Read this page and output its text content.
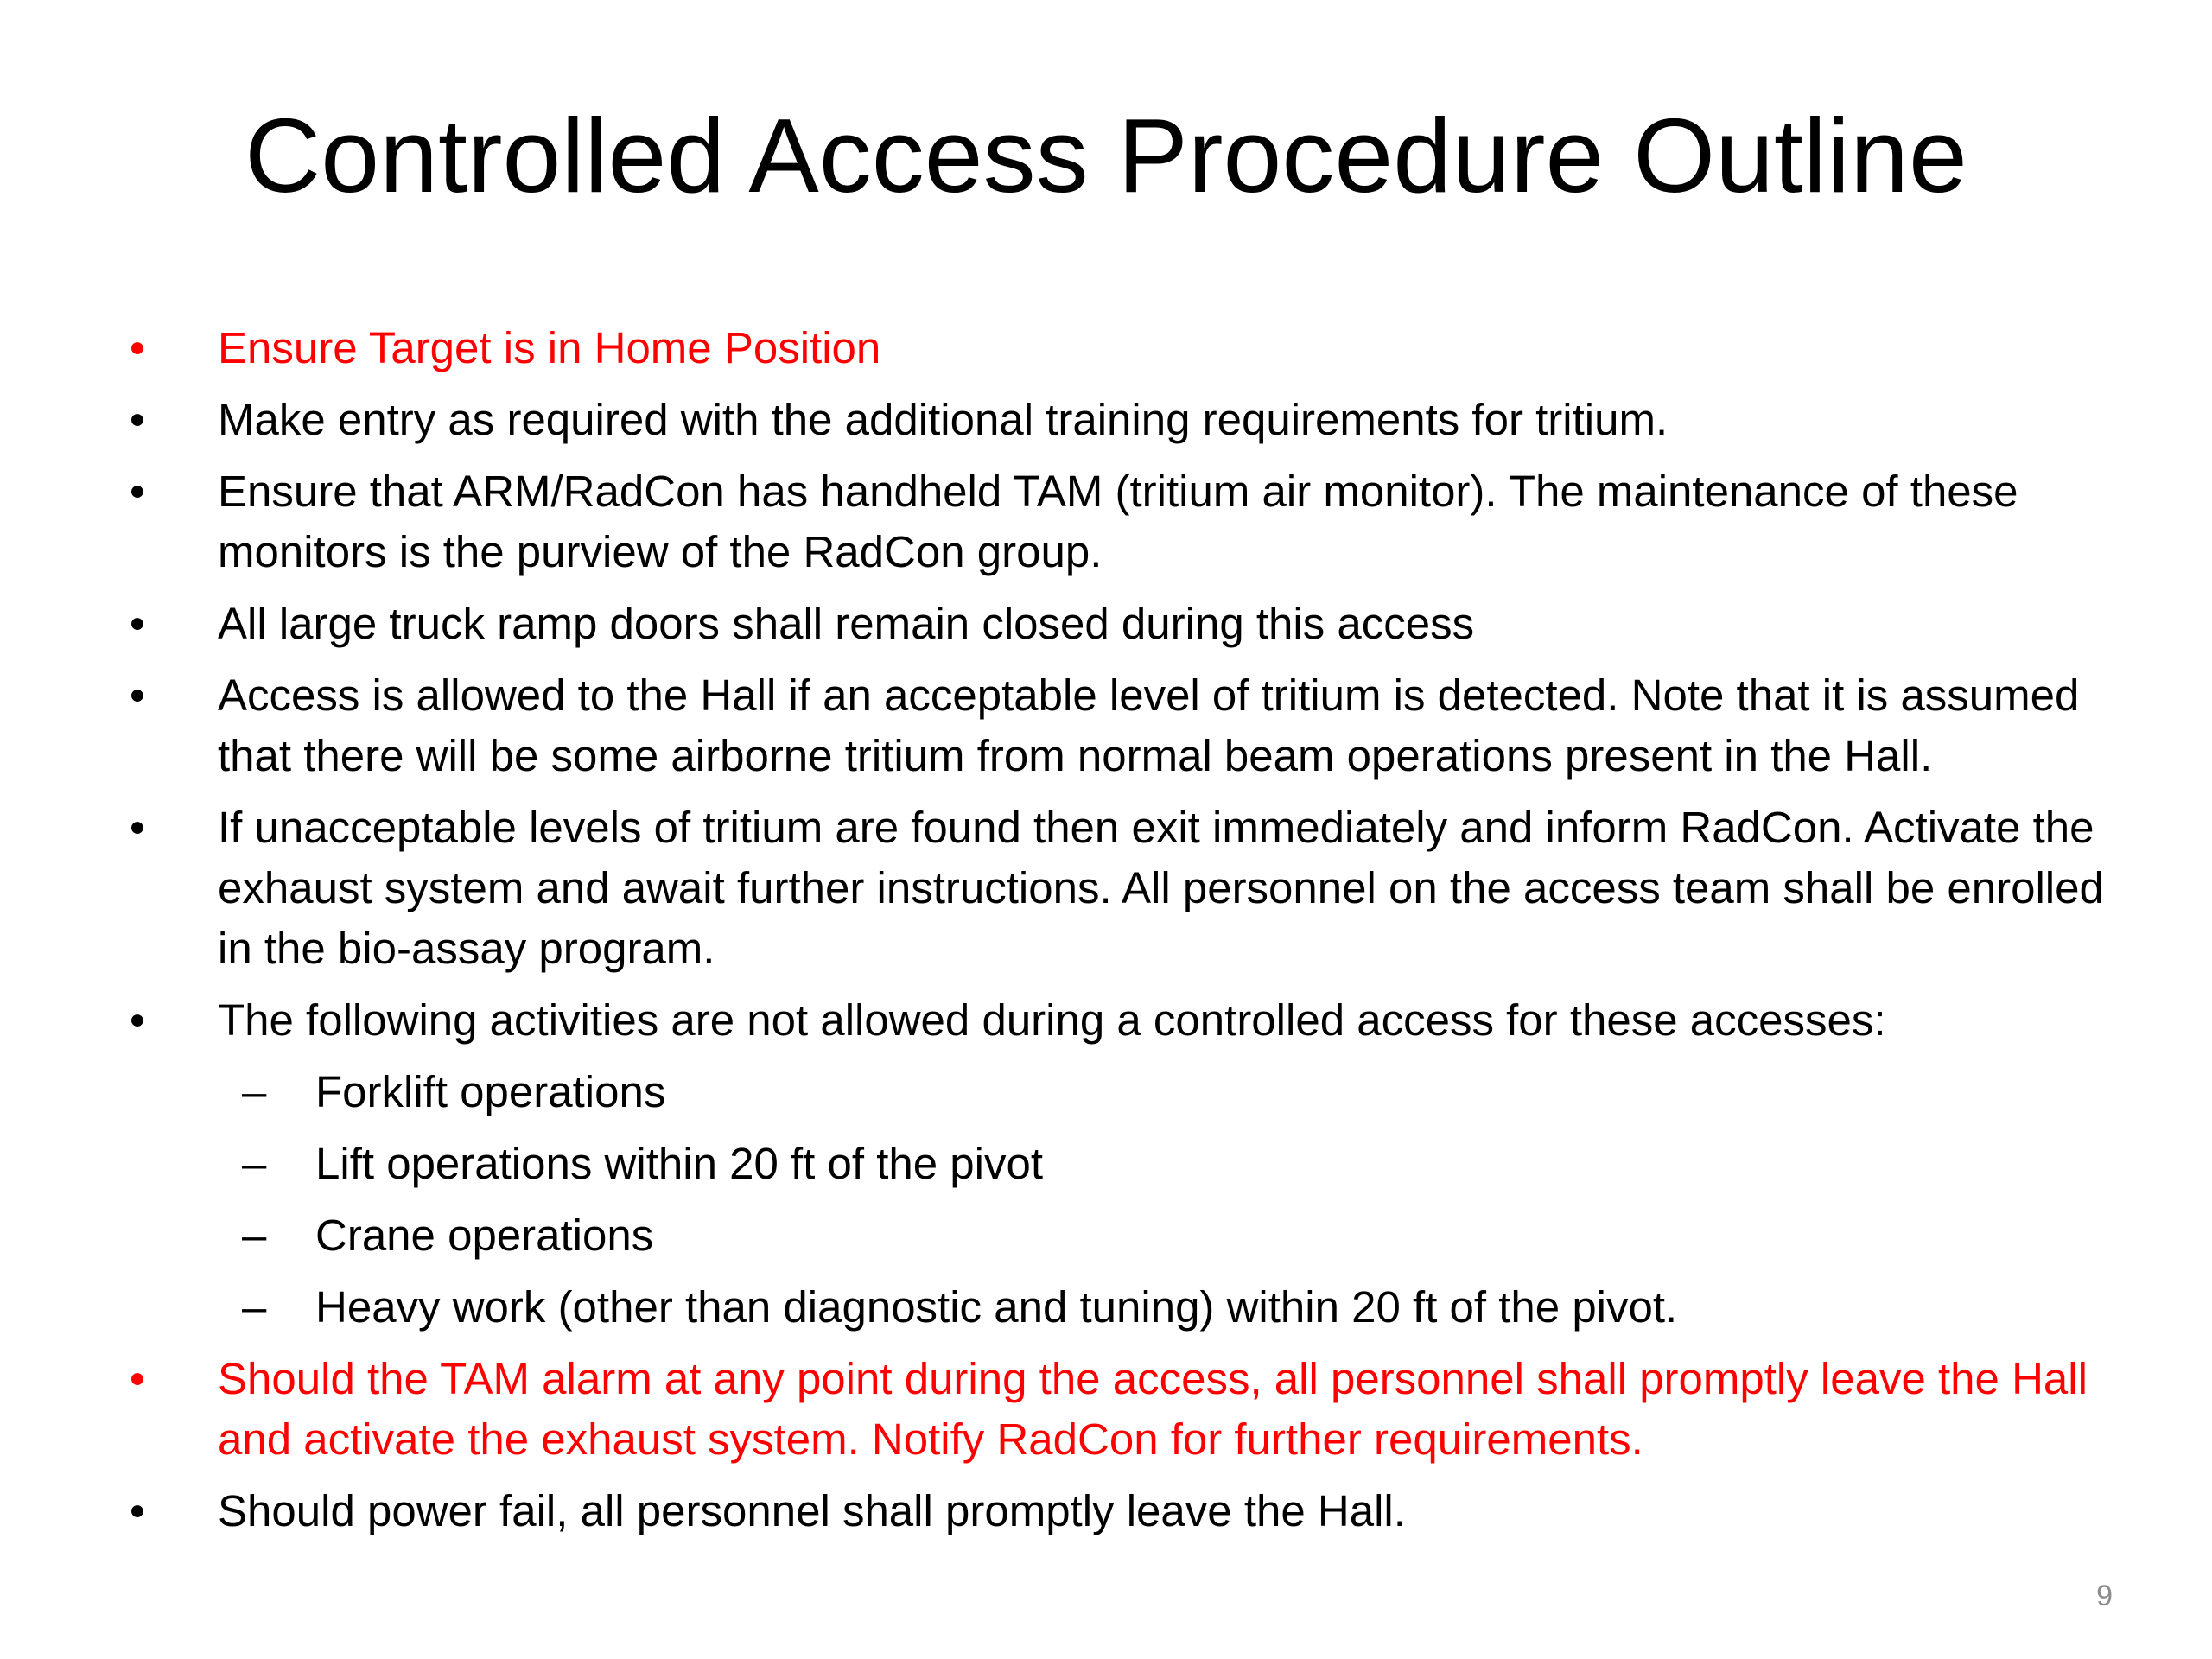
Controlled Access Procedure Outline
•	Ensure Target is in Home Position
•	Make entry as required with the additional training requirements for tritium.
•	Ensure that ARM/RadCon has handheld TAM (tritium air monitor). The maintenance of these monitors is the purview of the RadCon group.
•	All large truck ramp doors shall remain closed during this access
•	Access is allowed to the Hall if an acceptable level of tritium is detected. Note that it is assumed that there will be some airborne tritium from normal beam operations present in the Hall.
•	If unacceptable levels of tritium are found then exit immediately and inform RadCon. Activate the exhaust system and await further instructions. All personnel on the access team shall be enrolled in the bio-assay program.
•	The following activities are not allowed during a controlled access for these accesses:
– Forklift operations
– Lift operations within 20 ft of the pivot
– Crane operations
– Heavy work (other than diagnostic and tuning) within 20 ft of the pivot.
•	Should the TAM alarm at any point during the access, all personnel shall promptly leave the Hall and activate the exhaust system. Notify RadCon for further requirements.
•	Should power fail, all personnel shall promptly leave the Hall.
9
